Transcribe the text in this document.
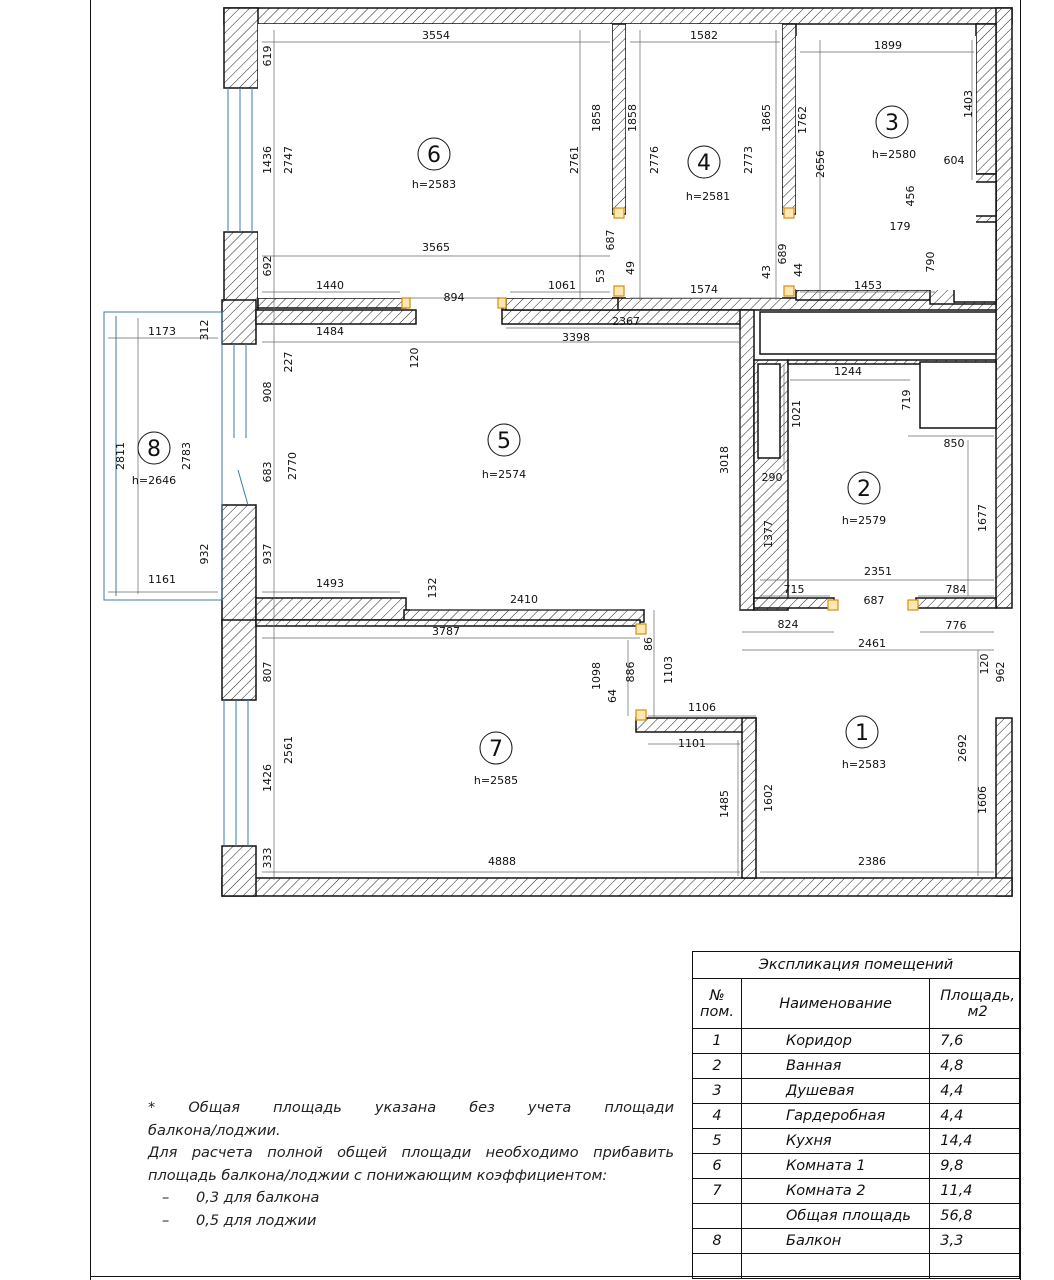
6
h=2583
4
h=2581
3
h=2580
5
h=2574
2
h=2579
8
h=2646
7
h=2585
1
h=2583
3554	1582
1899
604
179
3565
1440
894
1061	1574	1453
2367
1173	1484	3398
1244
850
290
1161	1493
2410
715
2351
784
687
824	776
3787
2461
1106
1101
4888	2386
619
1436 2747
1858 1858
2761	2776
1865
2773
1762
2656
1403
456
790
687
689
692	53
49	43 44
312
120
227
908	719
1021
2811	2783	2770
683	3018
1377
1677
932	937
132
86
1098 886 1103
64
807	120 962
1426
2561
1485	1602
2692
1606
333

* Общая площадь указана без учета площади

балкона/лоджии.

Для расчета полной общей площади необходимо прибавить

площадь балкона/лоджии с понижающим коэффициентом:

–	0,3 для балкона
–	0,5 для лоджии
Экспликация помещений		
№ пом.	Наименование	Площадь, м2
1	Коридор	7,6
2	Ванная	4,8
3	Душевая	4,4
4	Гардеробная	4,4
5	Кухня	14,4
6	Комната 1	9,8
7	Комната 2	11,4
	Общая площадь	56,8
8	Балкон	3,3
